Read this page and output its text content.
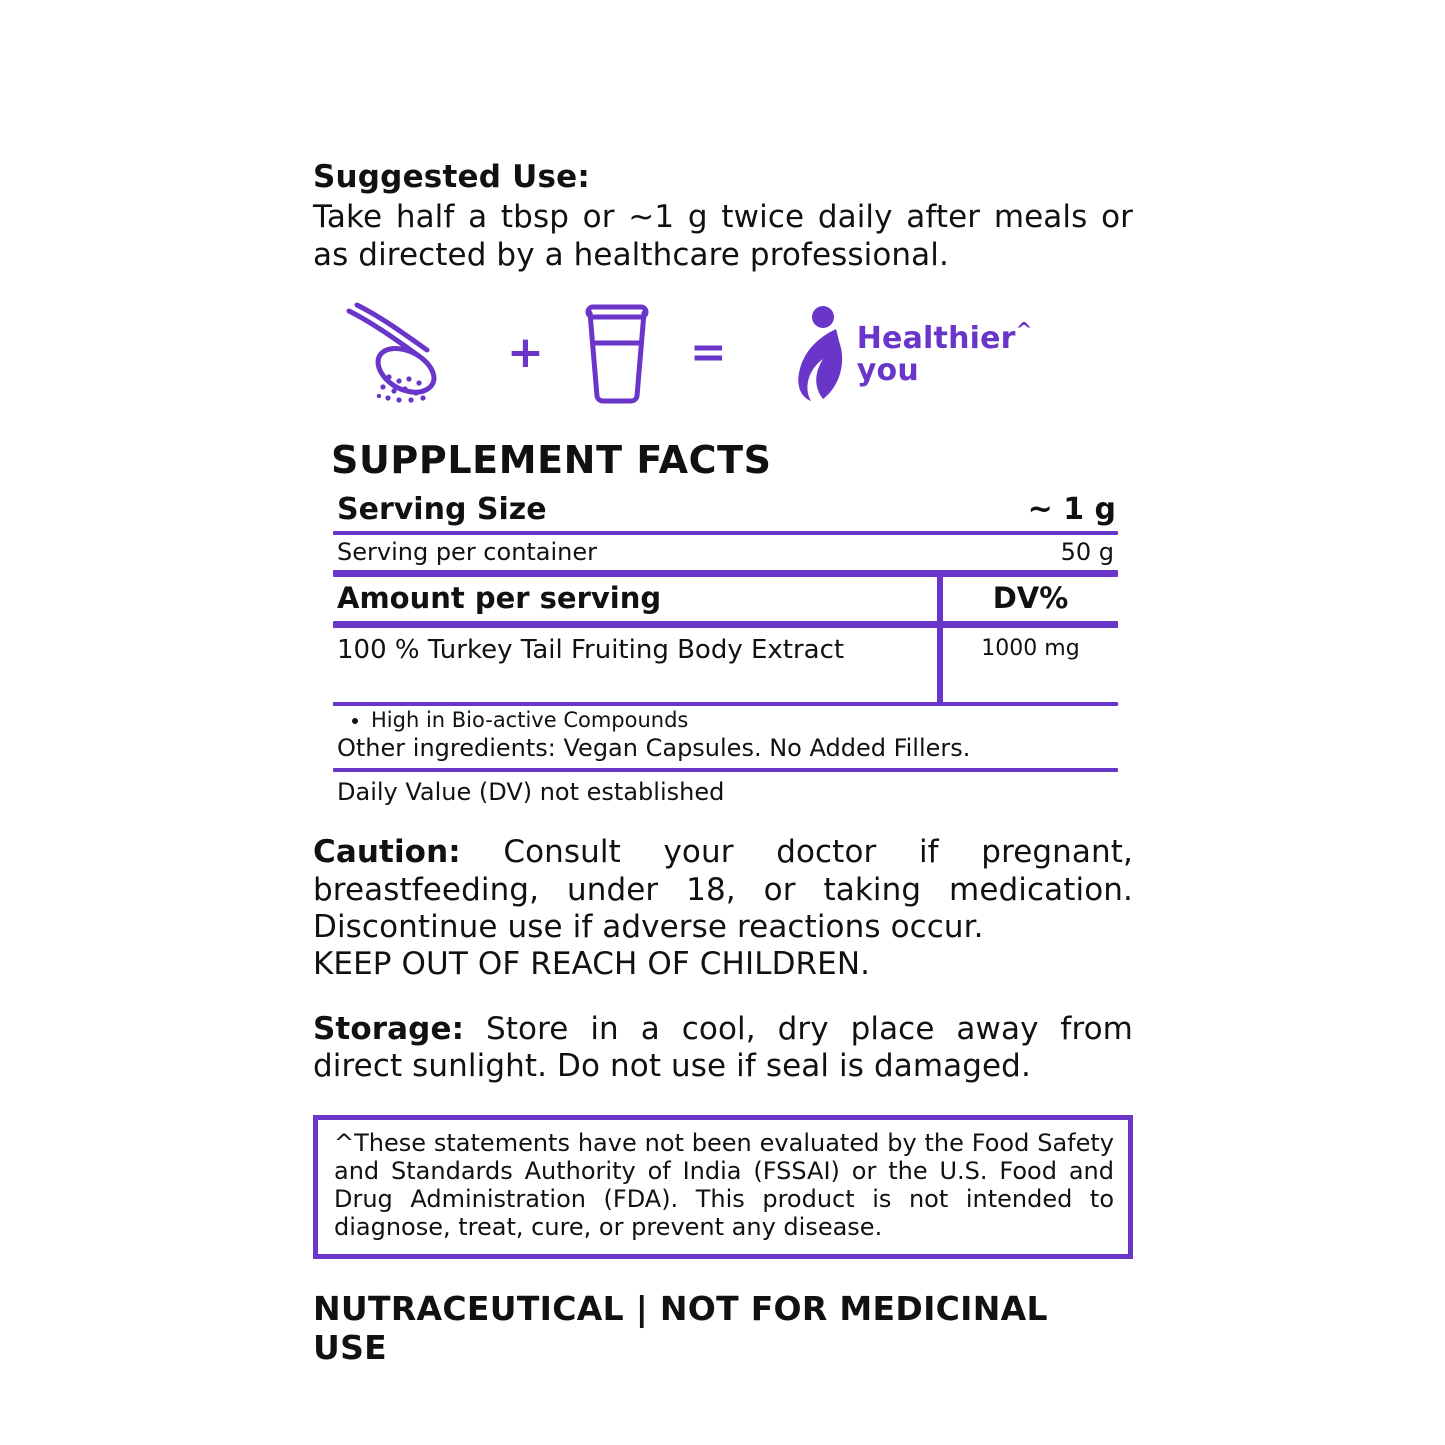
Suggested Use:

Take half a tbsp or ~1 g twice daily after meals or as directed by a healthcare professional.

+	=	Healthier^
you
SUPPLEMENT FACTS
Serving Size	~ 1 g
Serving per container	50 g
Amount per serving	DV%
100 % Turkey Tail Fruiting Body Extract	1000 mg
• High in Bio-active Compounds
Other ingredients: Vegan Capsules. No Added Fillers.
Daily Value (DV) not established
Caution: Consult your doctor if pregnant, breastfeeding, under 18, or taking medication. Discontinue use if adverse reactions occur.
KEEP OUT OF REACH OF CHILDREN.
Storage: Store in a cool, dry place away from direct sunlight. Do not use if seal is damaged.
^These statements have not been evaluated by the Food Safety and Standards Authority of India (FSSAI) or the U.S. Food and Drug Administration (FDA). This product is not intended to diagnose, treat, cure, or prevent any disease.
NUTRACEUTICAL | NOT FOR MEDICINAL USE
